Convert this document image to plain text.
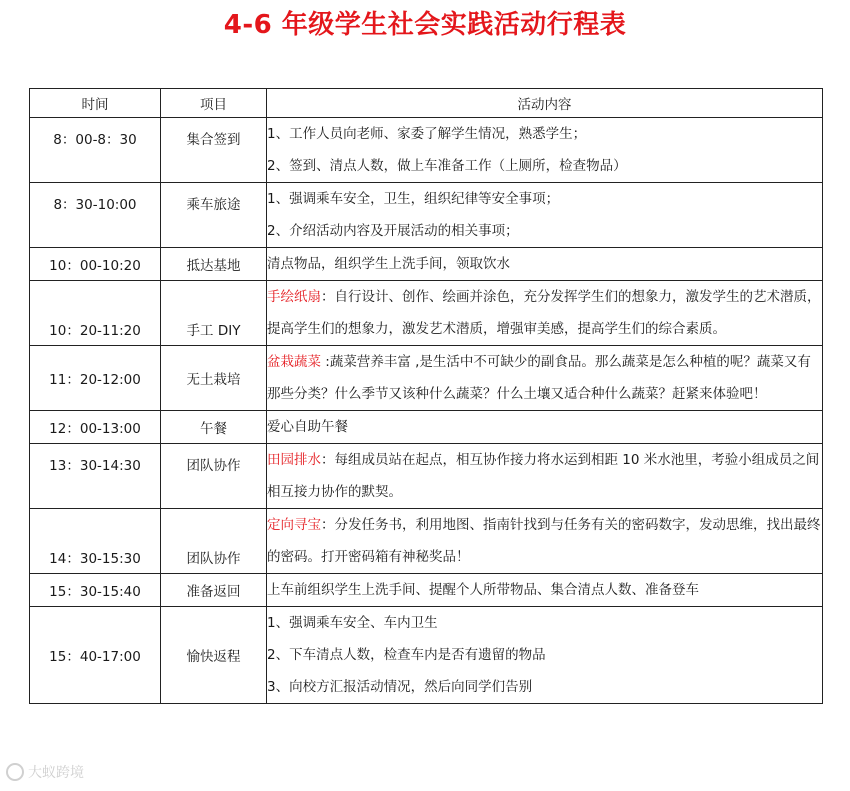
4-6 年级学生社会实践活动行程表
时间	项目	活动内容
8：00-8：30	集合签到	1、工作人员向老师、家委了解学生情况，熟悉学生；
2、签到、清点人数，做上车准备工作（上厕所，检查物品）

8：30-10:00	乘车旅途	1、强调乘车安全，卫生，组织纪律等安全事项；
2、介绍活动内容及开展活动的相关事项；

10：00-10:20	抵达基地	清点物品，组织学生上洗手间，领取饮水

10：20-11:20	手工 DIY	手绘纸扇：自行设计、创作、绘画并涂色，充分发挥学生们的想象力，激发学生的艺术潜质，提高学生们的想象力，激发艺术潜质，增强审美感，提高学生们的综合素质。
11：20-12:00	无土栽培	盆栽蔬菜 :蔬菜营养丰富 ,是生活中不可缺少的副食品。那么蔬菜是怎么种植的呢？蔬菜又有那些分类？什么季节又该种什么蔬菜？什么土壤又适合种什么蔬菜？赶紧来体验吧！
12：00-13:00	午餐	爱心自助午餐

13：30-14:30	团队协作	田园排水：每组成员站在起点，相互协作接力将水运到相距 10 米水池里，考验小组成员之间相互接力协作的默契。
14：30-15:30	团队协作	定向寻宝：分发任务书，利用地图、指南针找到与任务有关的密码数字，发动思维，找出最终的密码。打开密码箱有神秘奖品！
15：30-15:40	准备返回	上车前组织学生上洗手间、提醒个人所带物品、集合清点人数、准备登车

15：40-17:00	愉快返程	1、强调乘车安全、车内卫生
2、下车清点人数，检查车内是否有遗留的物品
3、向校方汇报活动情况，然后向同学们告别
大蚁跨境
